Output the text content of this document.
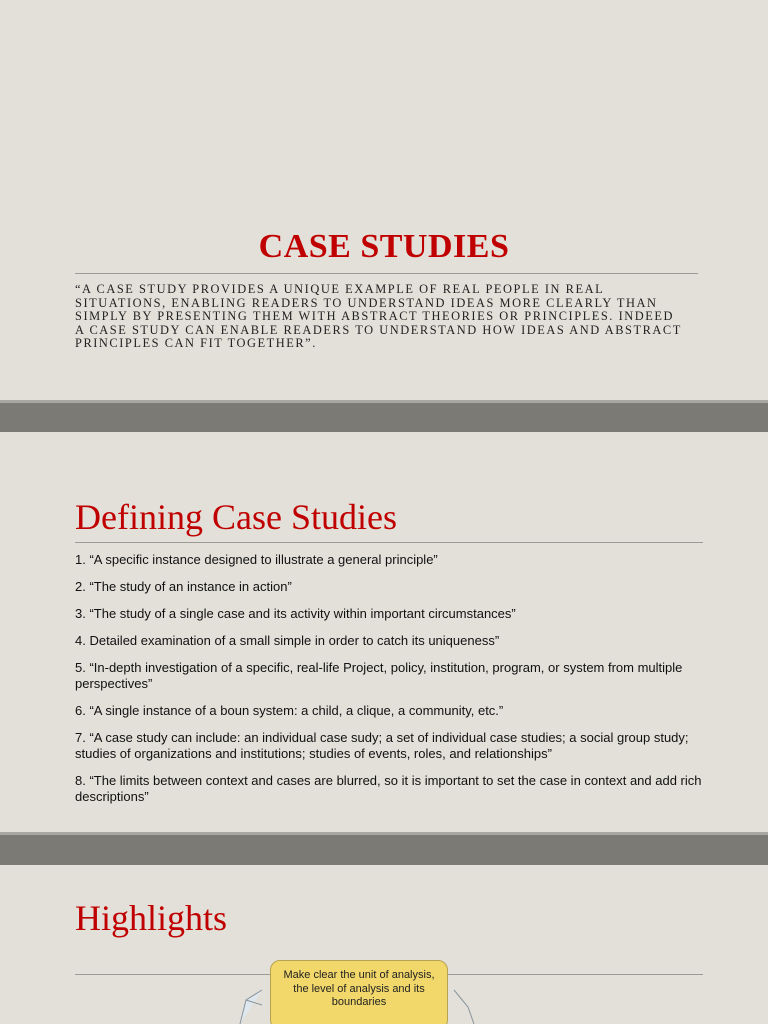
CASE STUDIES
“A CASE STUDY PROVIDES A UNIQUE EXAMPLE OF REAL PEOPLE IN REAL SITUATIONS, ENABLING READERS TO UNDERSTAND IDEAS MORE CLEARLY THAN SIMPLY BY PRESENTING THEM WITH ABSTRACT THEORIES OR PRINCIPLES. INDEED A CASE STUDY CAN ENABLE READERS TO UNDERSTAND HOW IDEAS AND ABSTRACT PRINCIPLES CAN FIT TOGETHER”.
Defining Case Studies
1. “A specific instance designed to illustrate a general principle”
2. “The study of an instance in action”
3. “The study of a single case and its activity within important circumstances”
4. Detailed examination of a small simple in order to catch its uniqueness”
5. “In-depth investigation of a specific, real-life Project, policy, institution, program, or system from multiple perspectives”
6. “A single instance of a boun system: a child, a clique, a community, etc.”
7. “A case study can include: an individual case sudy; a set of individual case studies; a social group study; studies of organizations and institutions; studies of events, roles, and relationships”
8. “The limits between context and cases are blurred, so it is important to set the case in context and add rich descriptions”
Highlights
Make clear the unit of analysis, the level of analysis and its boundaries
